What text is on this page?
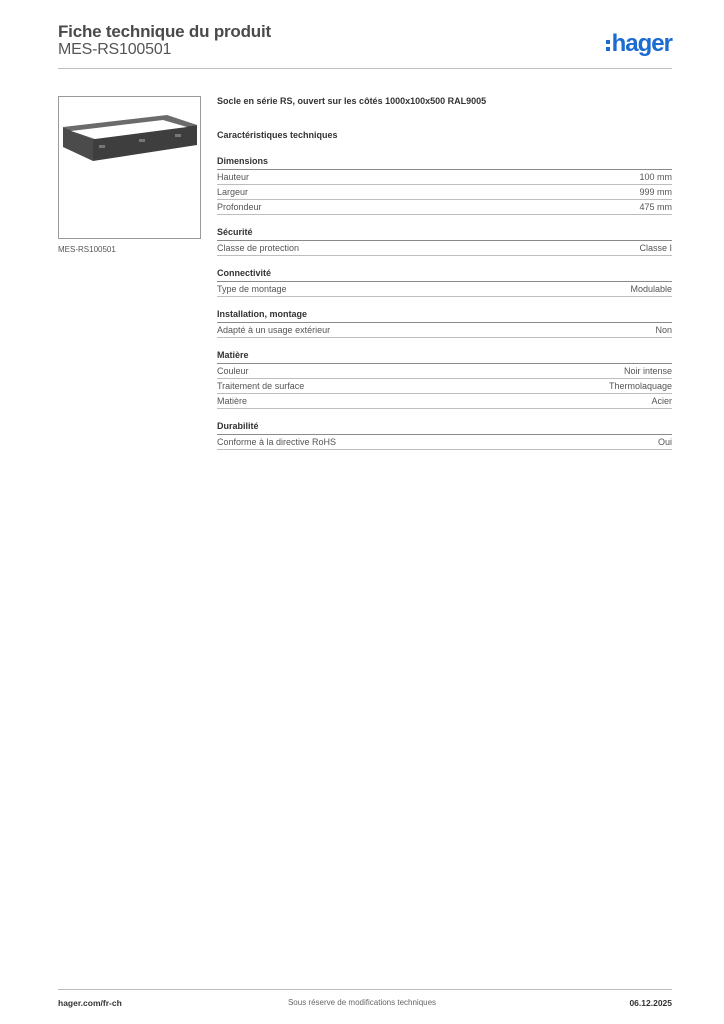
Fiche technique du produit
MES-RS100501	hager
MES-RS100501
Socle en série RS, ouvert sur les côtés 1000x100x500 RAL9005
Caractéristiques techniques
Dimensions
Hauteur	100 mm
Largeur	999 mm
Profondeur	475 mm
Sécurité
Classe de protection	Classe I
Connectivité
Type de montage	Modulable
Installation, montage
Adapté à un usage extérieur	Non
Matière
Couleur	Noir intense
Traitement de surface	Thermolaquage
Matière	Acier
Durabilité
Conforme à la directive RoHS	Oui
hager.com/fr-ch	Sous réserve de modifications techniques	06.12.2025
